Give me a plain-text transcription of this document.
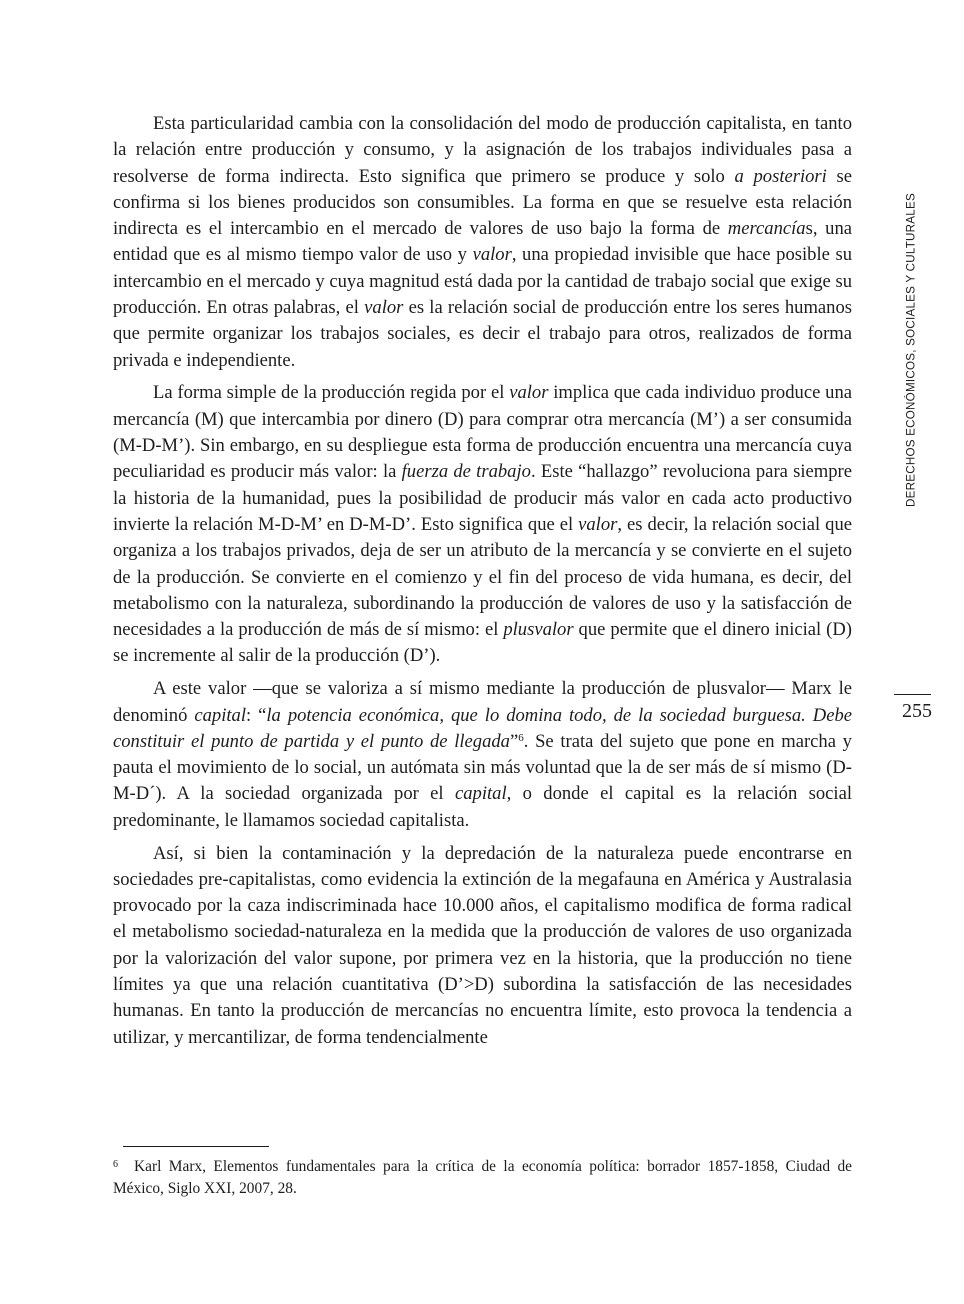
Esta particularidad cambia con la consolidación del modo de producción capitalista, en tanto la relación entre producción y consumo, y la asignación de los trabajos individuales pasa a resolverse de forma indirecta. Esto significa que primero se produce y solo a posteriori se confirma si los bienes producidos son consumibles. La forma en que se resuelve esta relación indirecta es el intercambio en el mercado de valores de uso bajo la forma de mercancías, una entidad que es al mismo tiempo valor de uso y valor, una propiedad invisible que hace posible su intercambio en el mercado y cuya magnitud está dada por la cantidad de trabajo social que exige su producción. En otras palabras, el valor es la relación social de producción entre los seres humanos que permite organizar los trabajos sociales, es decir el trabajo para otros, realizados de forma privada e independiente.

La forma simple de la producción regida por el valor implica que cada individuo produce una mercancía (M) que intercambia por dinero (D) para comprar otra mercancía (M’) a ser consumida (M-D-M’). Sin embargo, en su despliegue esta forma de producción encuentra una mercancía cuya peculiaridad es producir más valor: la fuerza de trabajo. Este “hallazgo” revoluciona para siempre la historia de la humanidad, pues la posibilidad de producir más valor en cada acto productivo invierte la relación M-D-M’ en D-M-D’. Esto significa que el valor, es decir, la relación social que organiza a los trabajos privados, deja de ser un atributo de la mercancía y se convierte en el sujeto de la producción. Se convierte en el comienzo y el fin del proceso de vida humana, es decir, del metabolismo con la naturaleza, subordinando la producción de valores de uso y la satisfacción de necesidades a la producción de más de sí mismo: el plusvalor que permite que el dinero inicial (D) se incremente al salir de la producción (D’).

A este valor —que se valoriza a sí mismo mediante la producción de plusvalor— Marx le denominó capital: “la potencia económica, que lo domina todo, de la sociedad burguesa. Debe constituir el punto de partida y el punto de llegada”$^6$. Se trata del sujeto que pone en marcha y pauta el movimiento de lo social, un autómata sin más voluntad que la de ser más de sí mismo (D-M-D´). A la sociedad organizada por el capital, o donde el capital es la relación social predominante, le llamamos sociedad capitalista.

Así, si bien la contaminación y la depredación de la naturaleza puede encontrarse en sociedades pre-capitalistas, como evidencia la extinción de la megafauna en América y Australasia provocado por la caza indiscriminada hace 10.000 años, el capitalismo modifica de forma radical el metabolismo sociedad-naturaleza en la medida que la producción de valores de uso organizada por la valorización del valor supone, por primera vez en la historia, que la producción no tiene límites ya que una relación cuantitativa (D’>D) subordina la satisfacción de las necesidades humanas. En tanto la producción de mercancías no encuentra límite, esto provoca la tendencia a utilizar, y mercantilizar, de forma tendencialmente

DERECHOS ECONÓMICOS, SOCIALES Y CULTURALES
255
$^6$ Karl Marx, Elementos fundamentales para la crítica de la economía política: borrador 1857-1858, Ciudad de México, Siglo XXI, 2007, 28.
